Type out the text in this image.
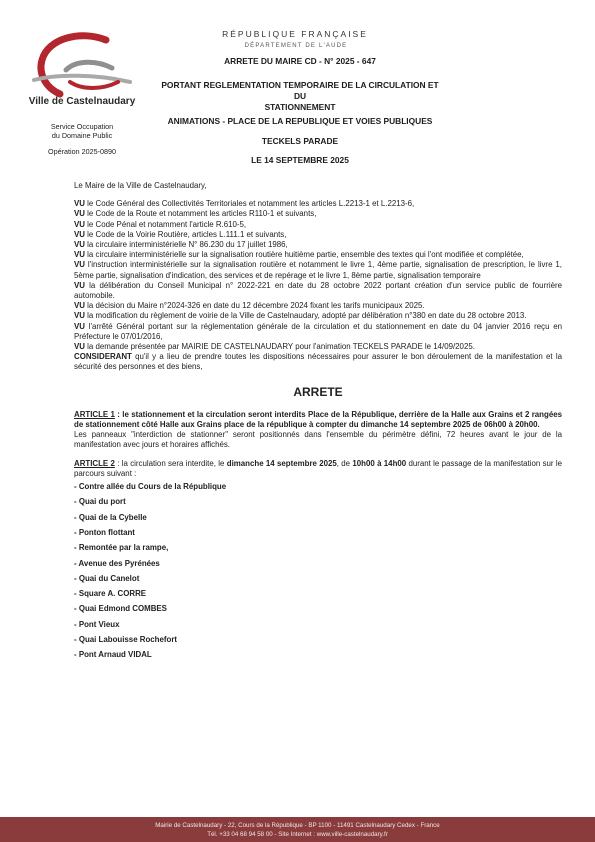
Ville de Castelnaudary
Service Occupation
du Domaine Public
Opération 2025-0890
RÉPUBLIQUE FRANÇAISE
DÉPARTEMENT DE L'AUDE
ARRETE DU MAIRE CD - N° 2025 - 647
PORTANT REGLEMENTATION TEMPORAIRE DE LA CIRCULATION ET DU
STATIONNEMENT
ANIMATIONS - PLACE DE LA REPUBLIQUE ET VOIES PUBLIQUES
TECKELS PARADE
LE 14 SEPTEMBRE 2025

Le Maire de la Ville de Castelnaudary,

VU le Code Général des Collectivités Territoriales et notamment les articles L.2213-1 et L.2213-6,

VU le Code de la Route et notamment les articles R110-1 et suivants,

VU le Code Pénal et notamment l'article R.610-5,

VU le Code de la Voirie Routière, articles L.111.1 et suivants,

VU la circulaire interministérielle N° 86.230 du 17 juillet 1986,

VU la circulaire interministérielle sur la signalisation routière huitième partie, ensemble des textes qui l'ont modifiée et complétée,

VU l'instruction interministérielle sur la signalisation routière et notamment le livre 1, 4ème partie, signalisation de prescription, le livre 1, 5ème partie, signalisation d'indication, des services et de repérage et le livre 1, 8ème partie, signalisation temporaire

VU la délibération du Conseil Municipal n° 2022-221 en date du 28 octobre 2022 portant création d'un service public de fourrière automobile.

VU la décision du Maire n°2024-326 en date du 12 décembre 2024 fixant les tarifs municipaux 2025.

VU la modification du règlement de voirie de la Ville de Castelnaudary, adopté par délibération n°380 en date du 28 octobre 2013.

VU l'arrêté Général portant sur la réglementation générale de la circulation et du stationnement en date du 04 janvier 2016 reçu en Préfecture le 07/01/2016,

VU la demande présentée par MAIRIE DE CASTELNAUDARY pour l'animation TECKELS PARADE le 14/09/2025.

CONSIDERANT qu'il y a lieu de prendre toutes les dispositions nécessaires pour assurer le bon déroulement de la manifestation et la sécurité des personnes et des biens,

ARRETE

ARTICLE 1 : le stationnement et la circulation seront interdits Place de la République, derrière de la Halle aux Grains et 2 rangées de stationnement côté Halle aux Grains place de la république à compter du dimanche 14 septembre 2025 de 06h00 à 20h00.

Les panneaux "interdiction de stationner" seront positionnés dans l'ensemble du périmètre défini, 72 heures avant le jour de la manifestation avec jours et horaires affichés.

ARTICLE 2 : la circulation sera interdite, le dimanche 14 septembre 2025, de 10h00 à 14h00 durant le passage de la manifestation sur le parcours suivant :

- Contre allée du Cours de la République
- Quai du port
- Quai de la Cybelle
- Ponton flottant
- Remontée par la rampe,
- Avenue des Pyrénées
- Quai du Canelot
- Square A. CORRE
- Quai Edmond COMBES
- Pont Vieux
- Quai Labouisse Rochefort
- Pont Arnaud VIDAL
Mairie de Castelnaudary - 22, Cours de la République - BP 1100 - 11491 Castelnaudary Cedex - France
Tél. +33 04 68 94 58 00 - Site Internet : www.ville-castelnaudary.fr
